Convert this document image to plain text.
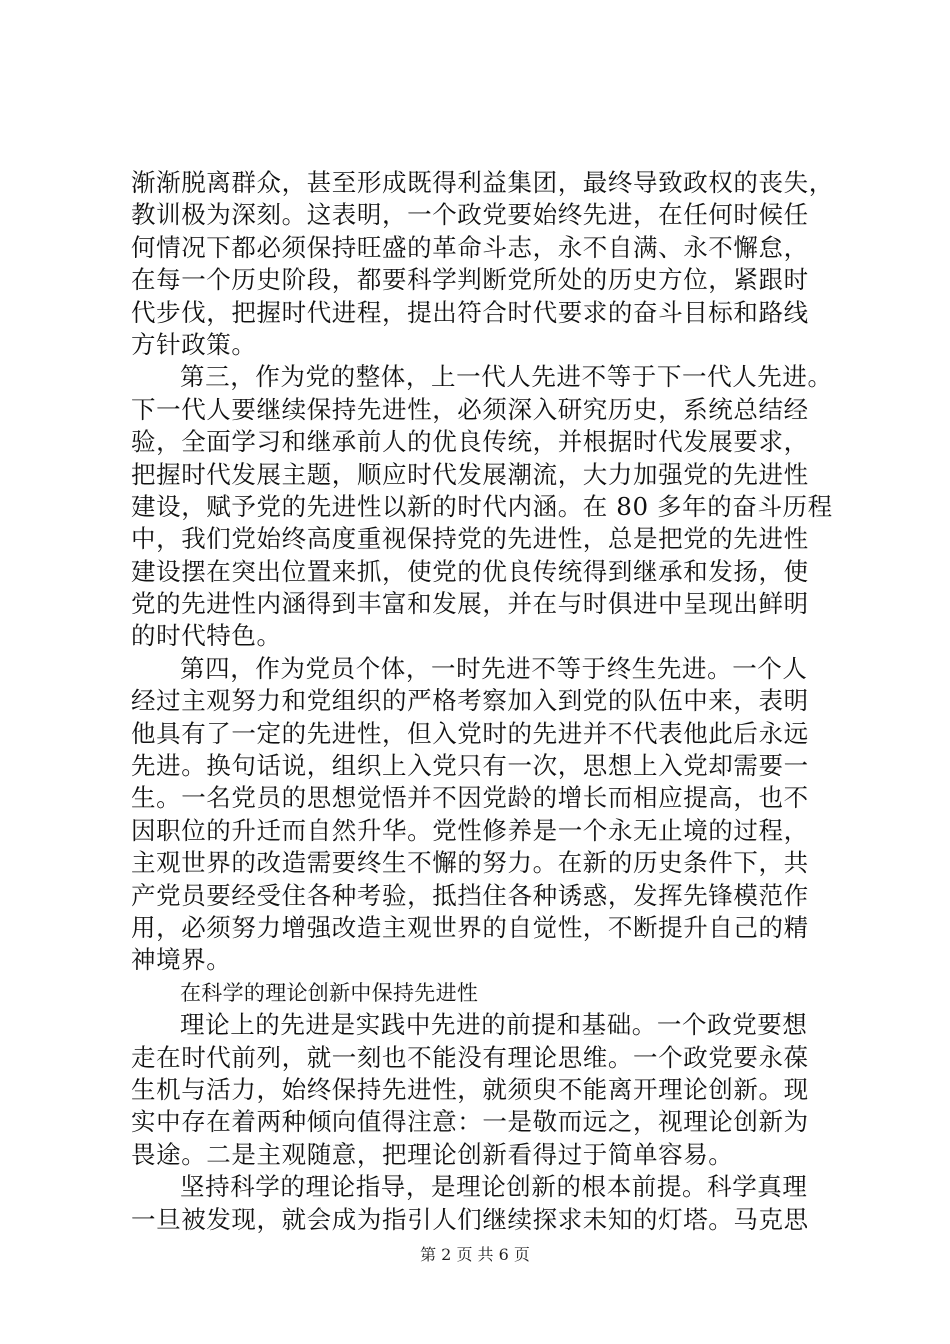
渐渐脱离群众，甚至形成既得利益集团，最终导致政权的丧失，
教训极为深刻。这表明，一个政党要始终先进，在任何时候任
何情况下都必须保持旺盛的革命斗志，永不自满、永不懈怠，
在每一个历史阶段，都要科学判断党所处的历史方位，紧跟时
代步伐，把握时代进程，提出符合时代要求的奋斗目标和路线
方针政策。
第三，作为党的整体，上一代人先进不等于下一代人先进。
下一代人要继续保持先进性，必须深入研究历史，系统总结经
验，全面学习和继承前人的优良传统，并根据时代发展要求，
把握时代发展主题，顺应时代发展潮流，大力加强党的先进性
建设，赋予党的先进性以新的时代内涵。在 80 多年的奋斗历程
中，我们党始终高度重视保持党的先进性，总是把党的先进性
建设摆在突出位置来抓，使党的优良传统得到继承和发扬，使
党的先进性内涵得到丰富和发展，并在与时俱进中呈现出鲜明
的时代特色。
第四，作为党员个体，一时先进不等于终生先进。一个人
经过主观努力和党组织的严格考察加入到党的队伍中来，表明
他具有了一定的先进性，但入党时的先进并不代表他此后永远
先进。换句话说，组织上入党只有一次，思想上入党却需要一
生。一名党员的思想觉悟并不因党龄的增长而相应提高，也不
因职位的升迁而自然升华。党性修养是一个永无止境的过程，
主观世界的改造需要终生不懈的努力。在新的历史条件下，共
产党员要经受住各种考验，抵挡住各种诱惑，发挥先锋模范作
用，必须努力增强改造主观世界的自觉性，不断提升自己的精
神境界。
在科学的理论创新中保持先进性
理论上的先进是实践中先进的前提和基础。一个政党要想
走在时代前列，就一刻也不能没有理论思维。一个政党要永葆
生机与活力，始终保持先进性，就须臾不能离开理论创新。现
实中存在着两种倾向值得注意：一是敬而远之，视理论创新为
畏途。二是主观随意，把理论创新看得过于简单容易。
坚持科学的理论指导，是理论创新的根本前提。科学真理
一旦被发现，就会成为指引人们继续探求未知的灯塔。马克思
第 2 页 共 6 页
